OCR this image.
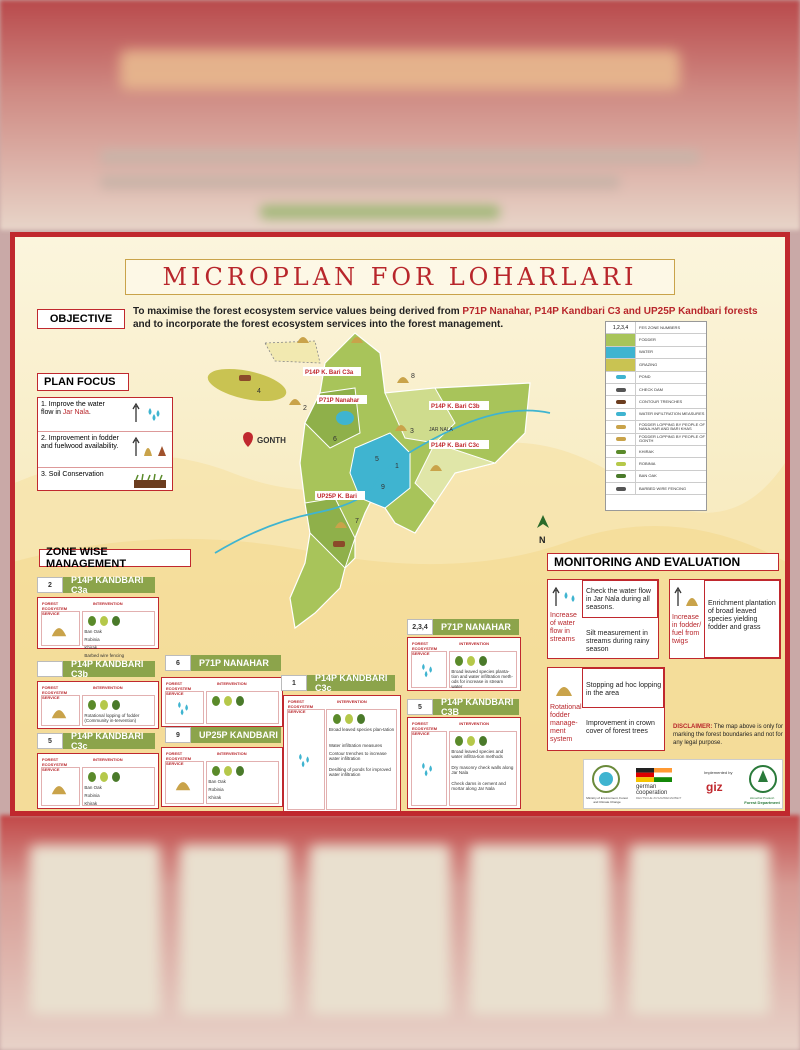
MICROPLAN FOR LOHARLARI
OBJECTIVE
To maximise the forest ecosystem service values being derived from P71P Nanahar, P14P Kandbari C3 and UP25P Kandbari forests and to incorporate the forest ecosystem services into the forest management.
PLAN FOCUS
1. Improve the water flow in Jar Nala.
2. Improvement in fodder and fuelwood availability.
3. Soil Conservation
GONTH
P14P K. Bari C3a
P71P Nanahar
P14P K. Bari C3b
P14P K. Bari C3c
UP25P K. Bari
JAR NALA
1
2
3
4
5
6
7
8
9
N
1,2,3,4	FES ZONE NUMBERS
FODDER
WATER
GRAZING
POND
CHECK DAM
CONTOUR TRENCHES
WATER INFILTRATION MEASURES
FODDER LOPPING BY PEOPLE OF NANA-HAR AND BARI KHAS
FODDER LOPPING BY PEOPLE OF GONTH
KHIRAK
ROBINIA
BAN OAK
BARBED WIRE FENCING
ZONE WISE MANAGEMENT
2	P14P KANDBARI C3a
FOREST ECOSYSTEM SERVICE
INTERVENTION
Ban Oak
Robinia
Khirak
Barbed wire fencing
P14P KANDBARI C3b
FOREST ECOSYSTEM SERVICE
INTERVENTION
Rotational lopping of fodder (Community in-tervention)
5	P14P KANDBARI C3c
FOREST ECOSYSTEM SERVICE
INTERVENTION
Ban Oak
Robinia
Khirak
6	P71P NANAHAR
FOREST ECOSYSTEM SERVICE
INTERVENTION
9	UP25P KANDBARI
FOREST ECOSYSTEM SERVICE
INTERVENTION
Ban Oak
Robinia
Khirak
1	P14P KANDBARI C3c
FOREST ECOSYSTEM SERVICE
INTERVENTION
Broad leaved species plan-tation
Water infiltration measures
Contour trenches to increase water infiltration
Desilting of ponds for improved water infiltration
2,3,4	P71P NANAHAR
FOREST ECOSYSTEM SERVICE
INTERVENTION
Broad leaved species planta-tion and water infiltration meth-ods for increase in stream water
5	P14P KANDBARI C3B
FOREST ECOSYSTEM SERVICE
INTERVENTION
Broad leaved species and water infiltra-tion methods
Dry masonry check walls along Jar Nala
Check dams in cement and mortar along Jar Nala
MONITORING AND EVALUATION
Increase of water flow in streams
Check the water flow in Jar Nala during all seasons.
Silt measurement in streams during rainy season
Increase in fodder/ fuel from twigs
Enrichment plantation of broad leaved species yielding fodder and grass
Rotational fodder manage-ment system
Stopping ad hoc lopping in the area
Improvement in crown cover of forest trees
DISCLAIMER: The map above is only for marking the forest boundaries and not for any legal purpose.
Ministry of Environment, Forest and Climate Change
german
cooperation
DEUTSCHE ZUSAMMENARBEIT
Implemented by
giz
Himachal Pradesh
Forest Department
